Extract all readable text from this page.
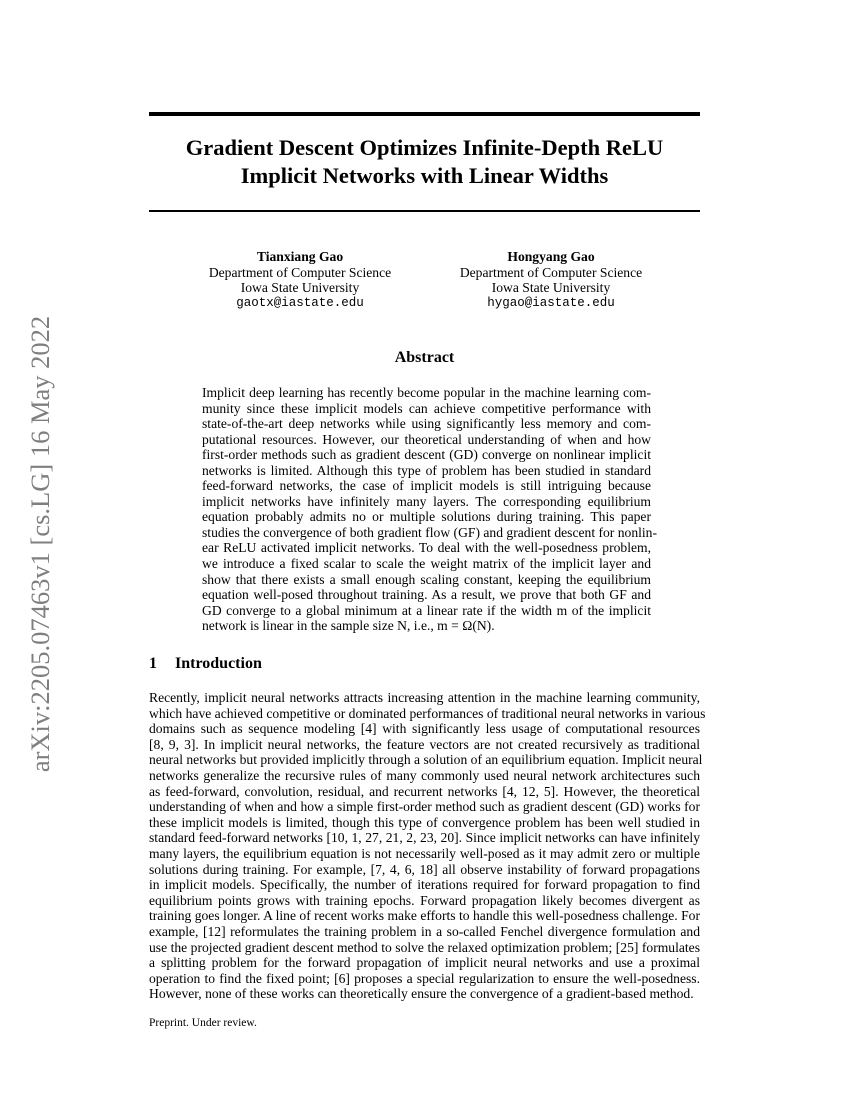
Gradient Descent Optimizes Infinite-Depth ReLU
Implicit Networks with Linear Widths
arXiv:2205.07463v1 [cs.LG] 16 May 2022
Tianxiang Gao
Department of Computer Science
Iowa State University
gaotx@iastate.edu
Hongyang Gao
Department of Computer Science
Iowa State University
hygao@iastate.edu
Abstract
Implicit deep learning has recently become popular in the machine learning com-
munity since these implicit models can achieve competitive performance with
state-of-the-art deep networks while using significantly less memory and com-
putational resources. However, our theoretical understanding of when and how
first-order methods such as gradient descent (GD) converge on nonlinear implicit
networks is limited. Although this type of problem has been studied in standard
feed-forward networks, the case of implicit models is still intriguing because
implicit networks have infinitely many layers. The corresponding equilibrium
equation probably admits no or multiple solutions during training. This paper
studies the convergence of both gradient flow (GF) and gradient descent for nonlin-
ear ReLU activated implicit networks. To deal with the well-posedness problem,
we introduce a fixed scalar to scale the weight matrix of the implicit layer and
show that there exists a small enough scaling constant, keeping the equilibrium
equation well-posed throughout training. As a result, we prove that both GF and
GD converge to a global minimum at a linear rate if the width m of the implicit
network is linear in the sample size N, i.e., m = Ω(N).
1 Introduction
Recently, implicit neural networks attracts increasing attention in the machine learning community,
which have achieved competitive or dominated performances of traditional neural networks in various
domains such as sequence modeling [4] with significantly less usage of computational resources
[8, 9, 3]. In implicit neural networks, the feature vectors are not created recursively as traditional
neural networks but provided implicitly through a solution of an equilibrium equation. Implicit neural
networks generalize the recursive rules of many commonly used neural network architectures such
as feed-forward, convolution, residual, and recurrent networks [4, 12, 5]. However, the theoretical
understanding of when and how a simple first-order method such as gradient descent (GD) works for
these implicit models is limited, though this type of convergence problem has been well studied in
standard feed-forward networks [10, 1, 27, 21, 2, 23, 20]. Since implicit networks can have infinitely
many layers, the equilibrium equation is not necessarily well-posed as it may admit zero or multiple
solutions during training. For example, [7, 4, 6, 18] all observe instability of forward propagations
in implicit models. Specifically, the number of iterations required for forward propagation to find
equilibrium points grows with training epochs. Forward propagation likely becomes divergent as
training goes longer. A line of recent works make efforts to handle this well-posedness challenge. For
example, [12] reformulates the training problem in a so-called Fenchel divergence formulation and
use the projected gradient descent method to solve the relaxed optimization problem; [25] formulates
a splitting problem for the forward propagation of implicit neural networks and use a proximal
operation to find the fixed point; [6] proposes a special regularization to ensure the well-posedness.
However, none of these works can theoretically ensure the convergence of a gradient-based method.
Preprint. Under review.
